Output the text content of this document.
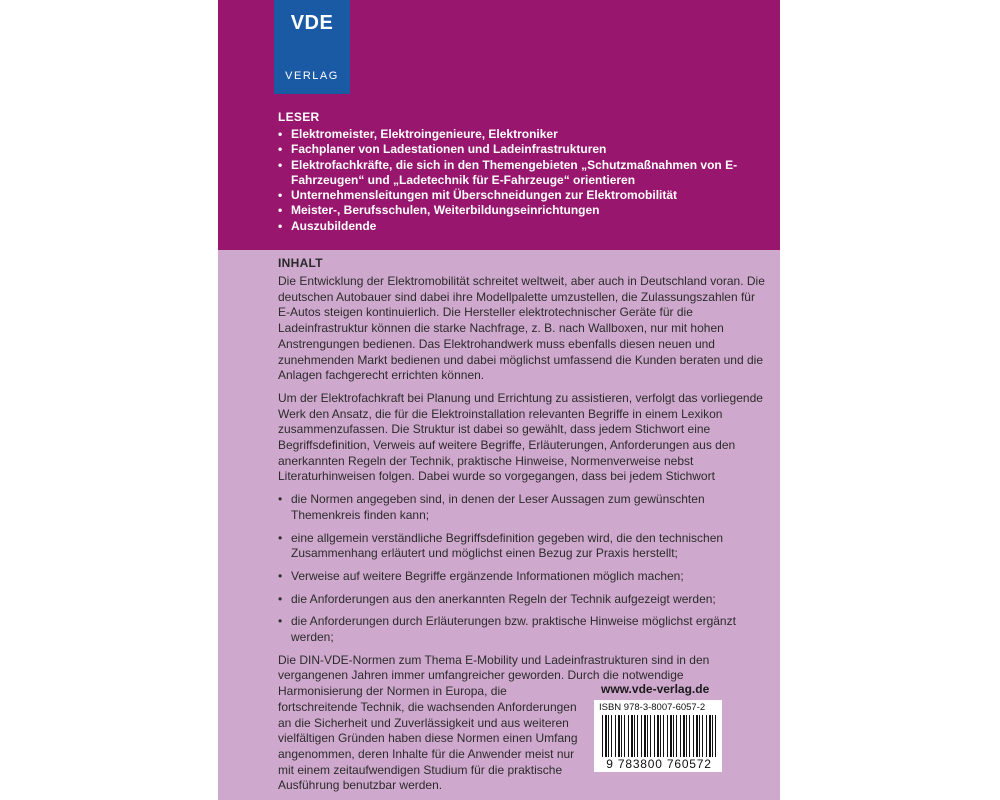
VDE
VERLAG
LESER
• Elektromeister, Elektroingenieure, Elektroniker
• Fachplaner von Ladestationen und Ladeinfrastrukturen
• Elektrofachkräfte, die sich in den Themengebieten „Schutzmaßnahmen von E-Fahrzeugen“ und „Ladetechnik für E-Fahrzeuge“ orientieren
• Unternehmensleitungen mit Überschneidungen zur Elektromobilität
• Meister-, Berufsschulen, Weiterbildungseinrichtungen
• Auszubildende
INHALT

Die Entwicklung der Elektromobilität schreitet weltweit, aber auch in Deutschland voran. Die deutschen Autobauer sind dabei ihre Modellpalette umzustellen, die Zulassungszahlen für E-Autos steigen kontinuierlich. Die Hersteller elektrotechnischer Geräte für die Ladeinfrastruktur können die starke Nachfrage, z. B. nach Wallboxen, nur mit hohen Anstrengungen bedienen. Das Elektrohandwerk muss ebenfalls diesen neuen und zunehmenden Markt bedienen und dabei möglichst umfassend die Kunden beraten und die Anlagen fachgerecht errichten können.

Um der Elektrofachkraft bei Planung und Errichtung zu assistieren, verfolgt das vorliegende Werk den Ansatz, die für die Elektroinstallation relevanten Begriffe in einem Lexikon zusammenzufassen. Die Struktur ist dabei so gewählt, dass jedem Stichwort eine Begriffsdefinition, Verweis auf weitere Begriffe, Erläuterungen, Anforderungen aus den anerkannten Regeln der Technik, praktische Hinweise, Normenverweise nebst Literaturhinweisen folgen. Dabei wurde so vorgegangen, dass bei jedem Stichwort

• die Normen angegeben sind, in denen der Leser Aussagen zum gewünschten Themenkreis finden kann;
• eine allgemein verständliche Begriffsdefinition gegeben wird, die den technischen Zusammenhang erläutert und möglichst einen Bezug zur Praxis herstellt;
• Verweise auf weitere Begriffe ergänzende Informationen möglich machen;
• die Anforderungen aus den anerkannten Regeln der Technik aufgezeigt werden;
• die Anforderungen durch Erläuterungen bzw. praktische Hinweise möglichst ergänzt werden;
Die DIN-VDE-Normen zum Thema E-Mobility und Ladeinfrastrukturen sind in den vergangenen Jahren immer umfangreicher geworden. Durch die notwendige
Harmonisierung der Normen in Europa, die fortschreitende Technik, die wachsenden Anforderungen an die Sicherheit und Zuverlässigkeit und aus weiteren vielfältigen Gründen haben diese Normen einen Umfang angenommen, deren Inhalte für die Anwender meist nur mit einem zeitaufwendigen Studium für die praktische Ausführung benutzbar werden.
www.vde-verlag.de
ISBN 978-3-8007-6057-2
9 783800 760572
